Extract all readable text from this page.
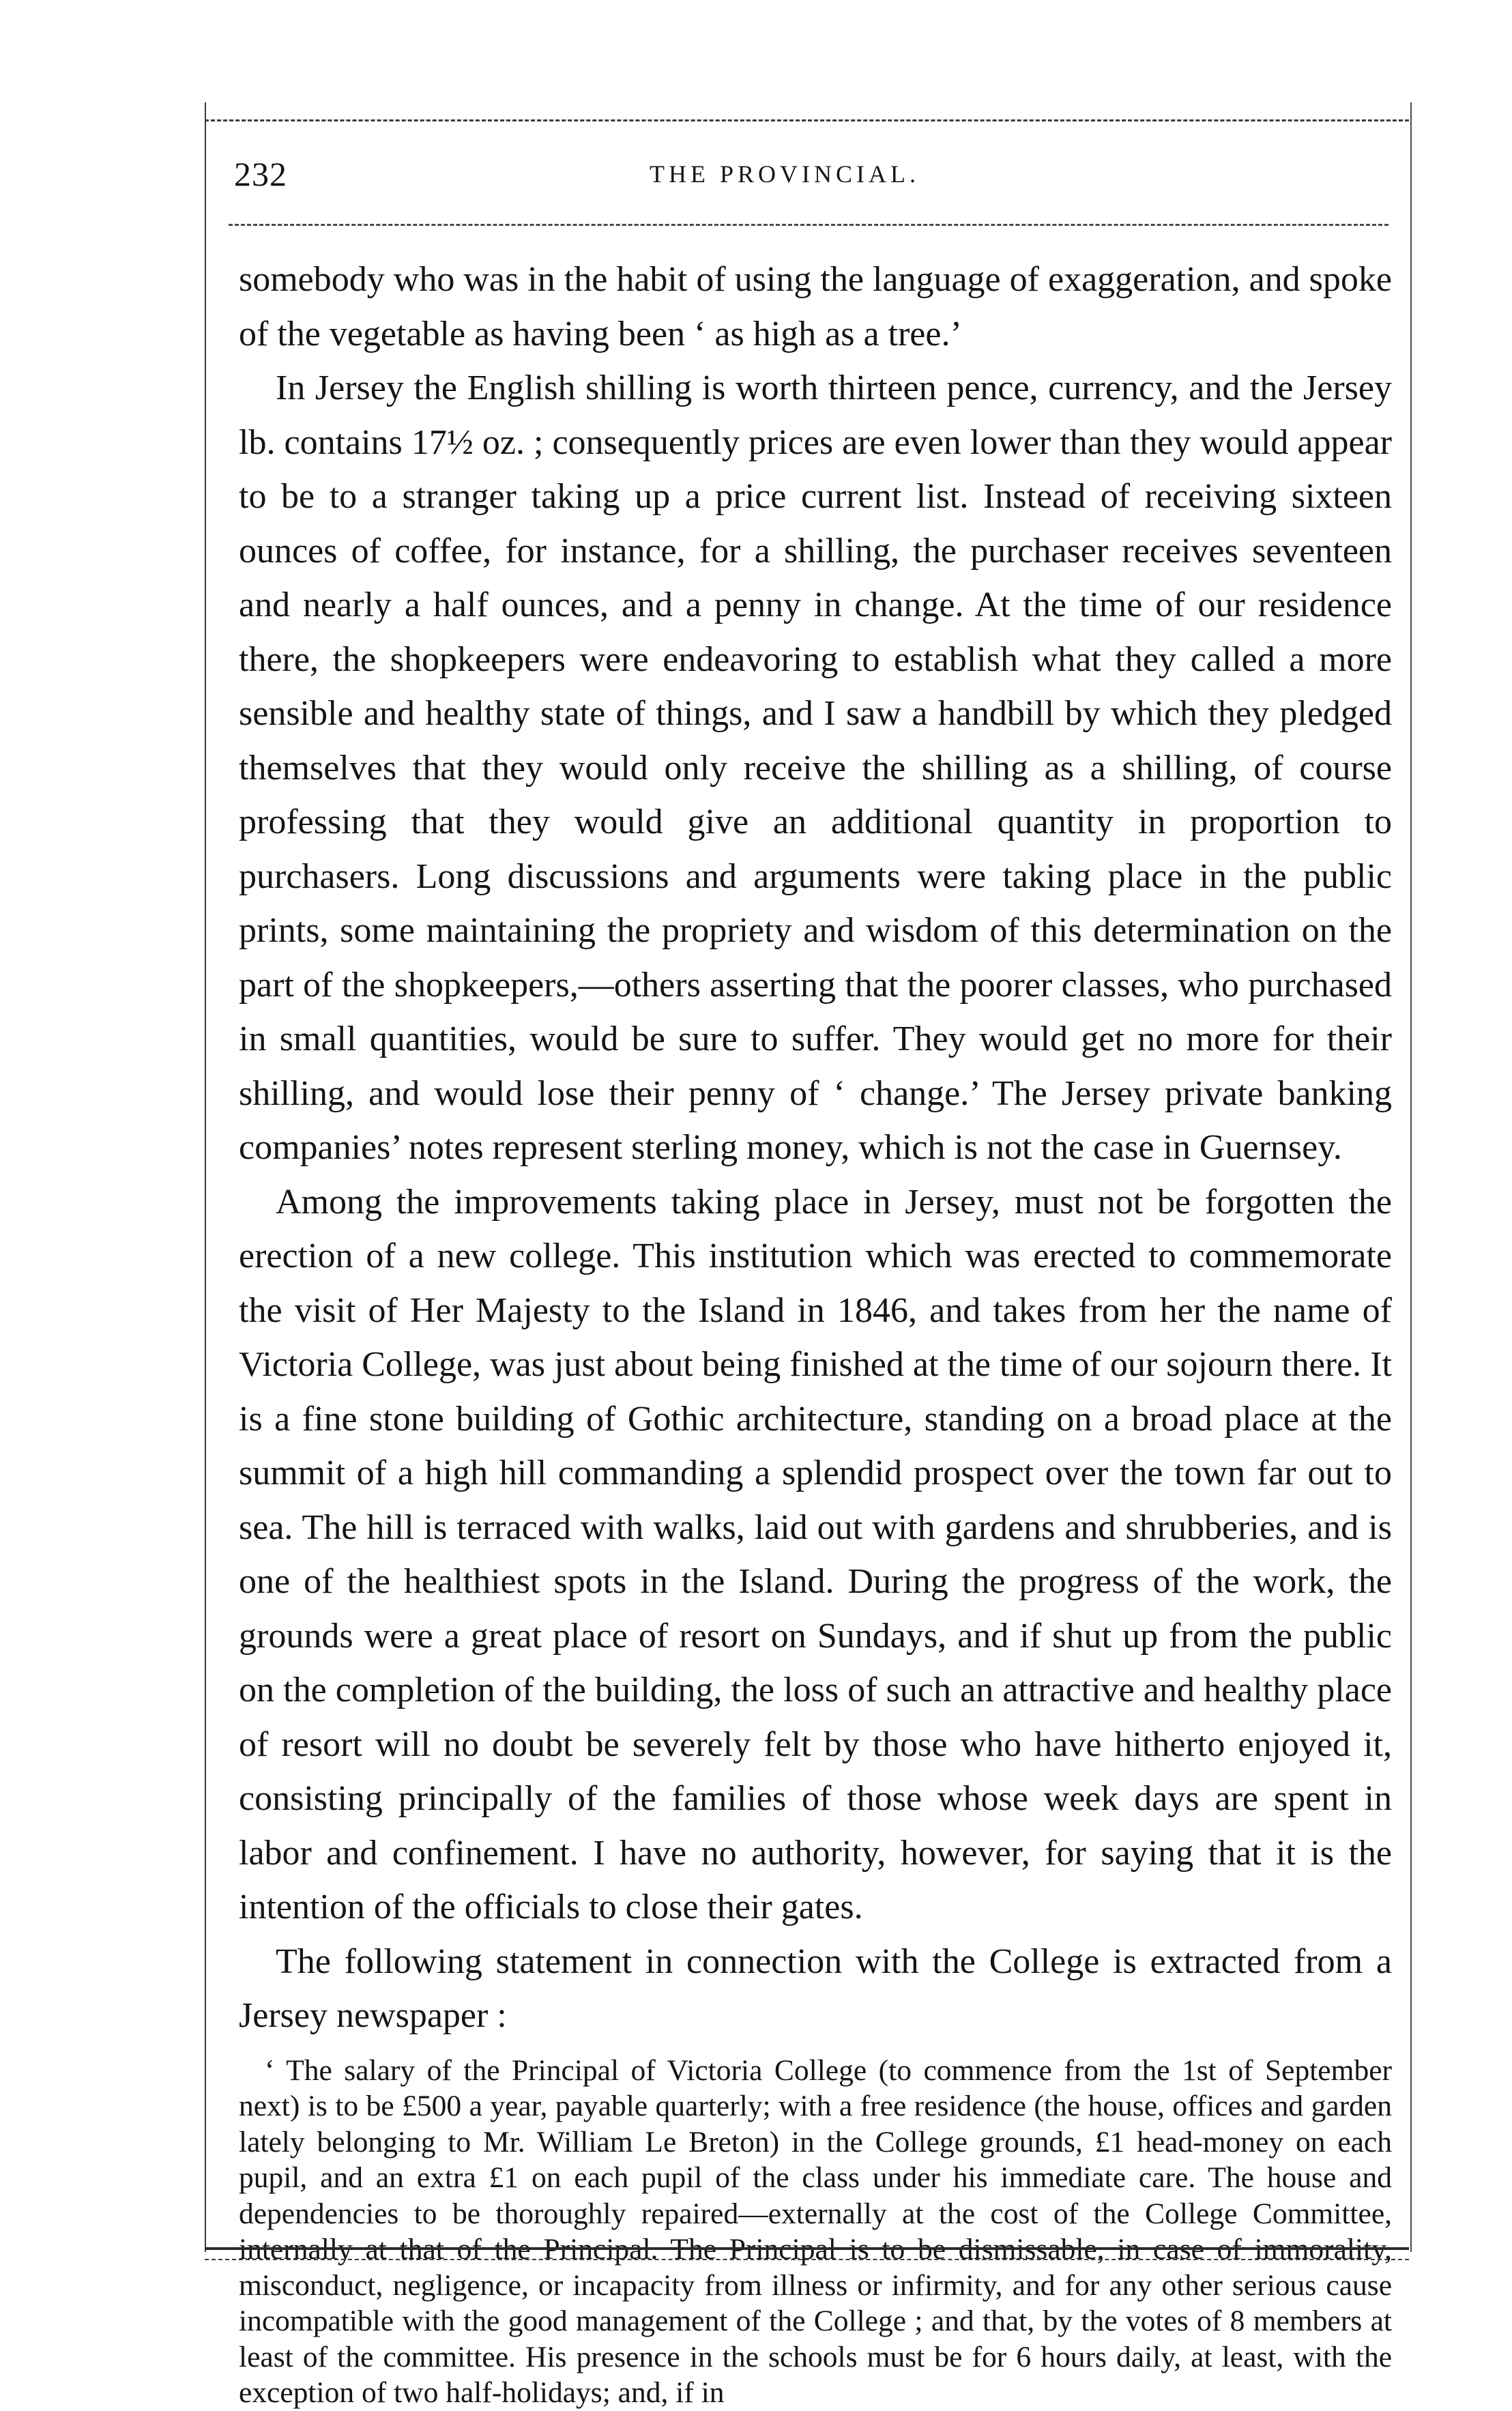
232	THE PROVINCIAL.

somebody who was in the habit of using the language of exaggeration, and spoke of the vegetable as having been ‘ as high as a tree.’

In Jersey the English shilling is worth thirteen pence, currency, and the Jersey lb. contains 17½ oz. ; consequently prices are even lower than they would appear to be to a stranger taking up a price current list. Instead of receiving sixteen ounces of coffee, for instance, for a shilling, the purchaser receives seventeen and nearly a half ounces, and a penny in change. At the time of our residence there, the shopkeepers were endeavoring to establish what they called a more sensible and healthy state of things, and I saw a handbill by which they pledged themselves that they would only receive the shilling as a shilling, of course professing that they would give an additional quantity in proportion to purchasers. Long discussions and arguments were taking place in the public prints, some maintaining the propriety and wisdom of this determination on the part of the shopkeepers,—others asserting that the poorer classes, who purchased in small quantities, would be sure to suffer. They would get no more for their shilling, and would lose their penny of ‘ change.’ The Jersey private banking companies’ notes represent sterling money, which is not the case in Guernsey.

Among the improvements taking place in Jersey, must not be forgotten the erection of a new college. This institution which was erected to commemorate the visit of Her Majesty to the Island in 1846, and takes from her the name of Victoria College, was just about being finished at the time of our sojourn there. It is a fine stone building of Gothic architecture, standing on a broad place at the summit of a high hill commanding a splendid prospect over the town far out to sea. The hill is terraced with walks, laid out with gardens and shrubberies, and is one of the healthiest spots in the Island. During the progress of the work, the grounds were a great place of resort on Sundays, and if shut up from the public on the completion of the building, the loss of such an attractive and healthy place of resort will no doubt be severely felt by those who have hitherto enjoyed it, consisting principally of the families of those whose week days are spent in labor and confinement. I have no authority, however, for saying that it is the intention of the officials to close their gates.

The following statement in connection with the College is extracted from a Jersey newspaper :

‘ The salary of the Principal of Victoria College (to commence from the 1st of September next) is to be £500 a year, payable quarterly; with a free residence (the house, offices and garden lately belonging to Mr. William Le Breton) in the College grounds, £1 head-money on each pupil, and an extra £1 on each pupil of the class under his immediate care. The house and dependencies to be thoroughly repaired—externally at the cost of the College Committee, internally at that of the Principal. The Principal is to be dismissable, in case of immorality, misconduct, negligence, or incapacity from illness or infirmity, and for any other serious cause incompatible with the good management of the College ; and that, by the votes of 8 members at least of the committee. His presence in the schools must be for 6 hours daily, at least, with the exception of two half-holidays; and, if in
